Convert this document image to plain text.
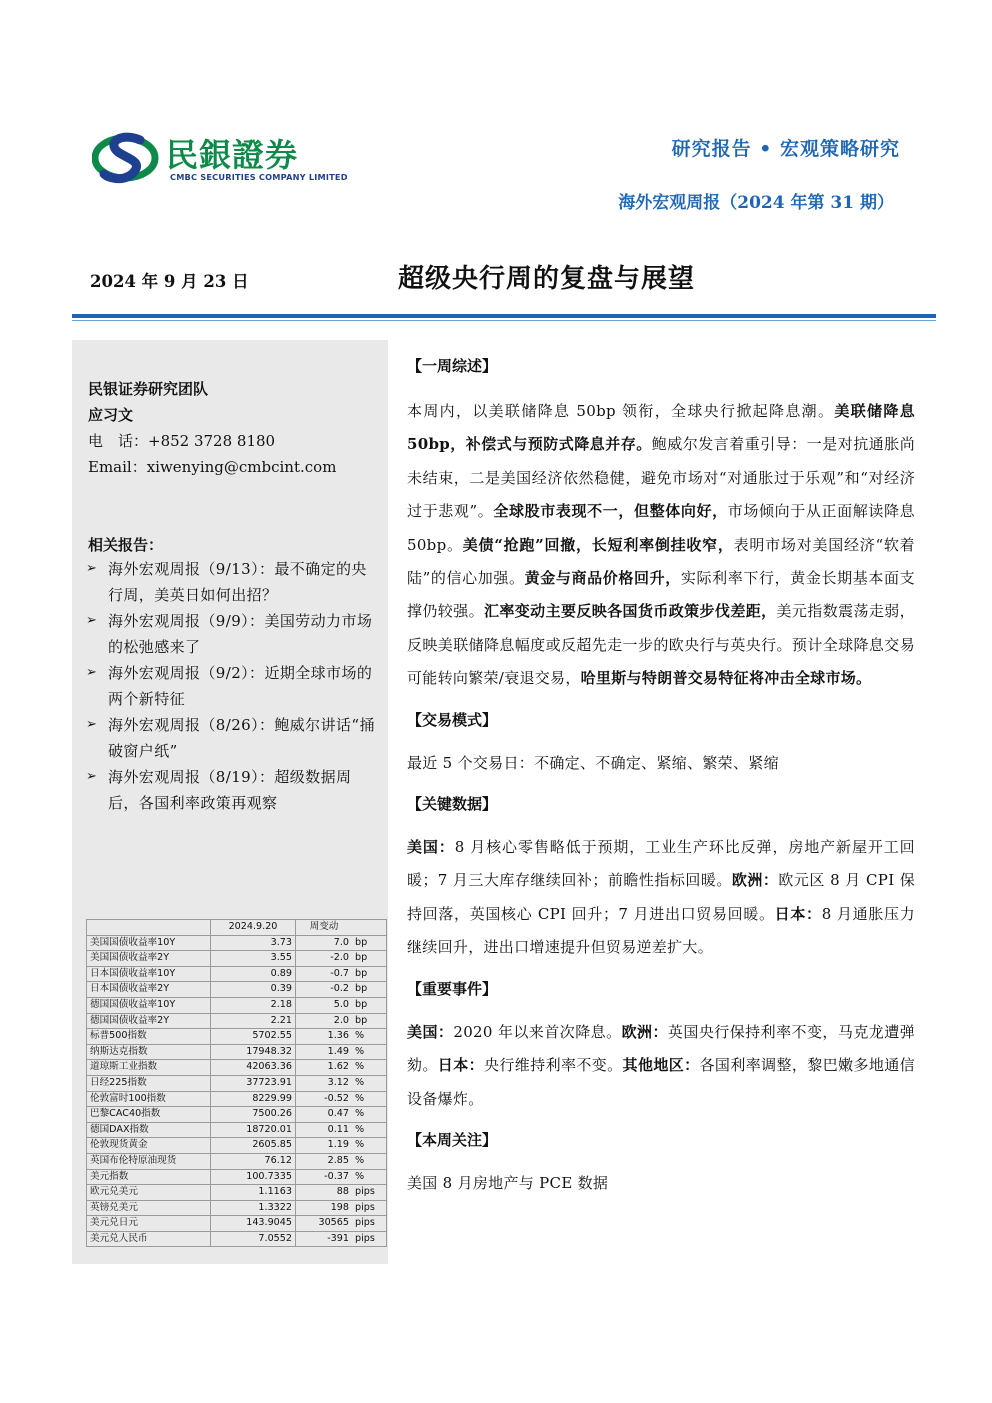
民銀證券
CMBC SECURITIES COMPANY LIMITED
研究报告 • 宏观策略研究
海外宏观周报（2024 年第 31 期）
2024 年 9 月 23 日	超级央行周的复盘与展望
民银证券研究团队
应习文
电　话：+852 3728 8180
Email：xiwenying@cmbcint.com
相关报告：
➢ 海外宏观周报（9/13）：最不确定的央行周，美英日如何出招？
➢ 海外宏观周报（9/9）：美国劳动力市场的松弛感来了
➢ 海外宏观周报（9/2）：近期全球市场的两个新特征
➢ 海外宏观周报（8/26）：鲍威尔讲话“捅破窗户纸”
➢ 海外宏观周报（8/19）：超级数据周后，各国利率政策再观察
	2024.9.20	周变动	
美国国债收益率10Y	3.73	7.0	bp
美国国债收益率2Y	3.55	-2.0	bp
日本国债收益率10Y	0.89	-0.7	bp
日本国债收益率2Y	0.39	-0.2	bp
德国国债收益率10Y	2.18	5.0	bp
德国国债收益率2Y	2.21	2.0	bp
标普500指数	5702.55	1.36	%
纳斯达克指数	17948.32	1.49	%
道琼斯工业指数	42063.36	1.62	%
日经225指数	37723.91	3.12	%
伦敦富时100指数	8229.99	-0.52	%
巴黎CAC40指数	7500.26	0.47	%
德国DAX指数	18720.01	0.11	%
伦敦现货黄金	2605.85	1.19	%
英国布伦特原油现货	76.12	2.85	%
美元指数	100.7335	-0.37	%
欧元兑美元	1.1163	88	pips
英镑兑美元	1.3322	198	pips
美元兑日元	143.9045	30565	pips
美元兑人民币	7.0552	-391	pips

【一周综述】

本周内，以美联储降息 50bp 领衔，全球央行掀起降息潮。美联储降息 50bp，补偿式与预防式降息并存。鲍威尔发言着重引导：一是对抗通胀尚未结束，二是美国经济依然稳健，避免市场对“对通胀过于乐观”和“对经济过于悲观”。全球股市表现不一，但整体向好，市场倾向于从正面解读降息 50bp。美债“抢跑”回撤，长短利率倒挂收窄，表明市场对美国经济“软着陆”的信心加强。黄金与商品价格回升，实际利率下行，黄金长期基本面支撑仍较强。汇率变动主要反映各国货币政策步伐差距，美元指数震荡走弱，反映美联储降息幅度或反超先走一步的欧央行与英央行。预计全球降息交易可能转向繁荣/衰退交易，哈里斯与特朗普交易特征将冲击全球市场。

【交易模式】

最近 5 个交易日：不确定、不确定、紧缩、繁荣、紧缩

【关键数据】

美国：8 月核心零售略低于预期，工业生产环比反弹，房地产新屋开工回暖；7 月三大库存继续回补；前瞻性指标回暖。欧洲：欧元区 8 月 CPI 保持回落，英国核心 CPI 回升；7 月进出口贸易回暖。日本：8 月通胀压力继续回升，进出口增速提升但贸易逆差扩大。

【重要事件】

美国：2020 年以来首次降息。欧洲：英国央行保持利率不变，马克龙遭弹劾。日本：央行维持利率不变。其他地区：各国利率调整，黎巴嫩多地通信设备爆炸。

【本周关注】

美国 8 月房地产与 PCE 数据
